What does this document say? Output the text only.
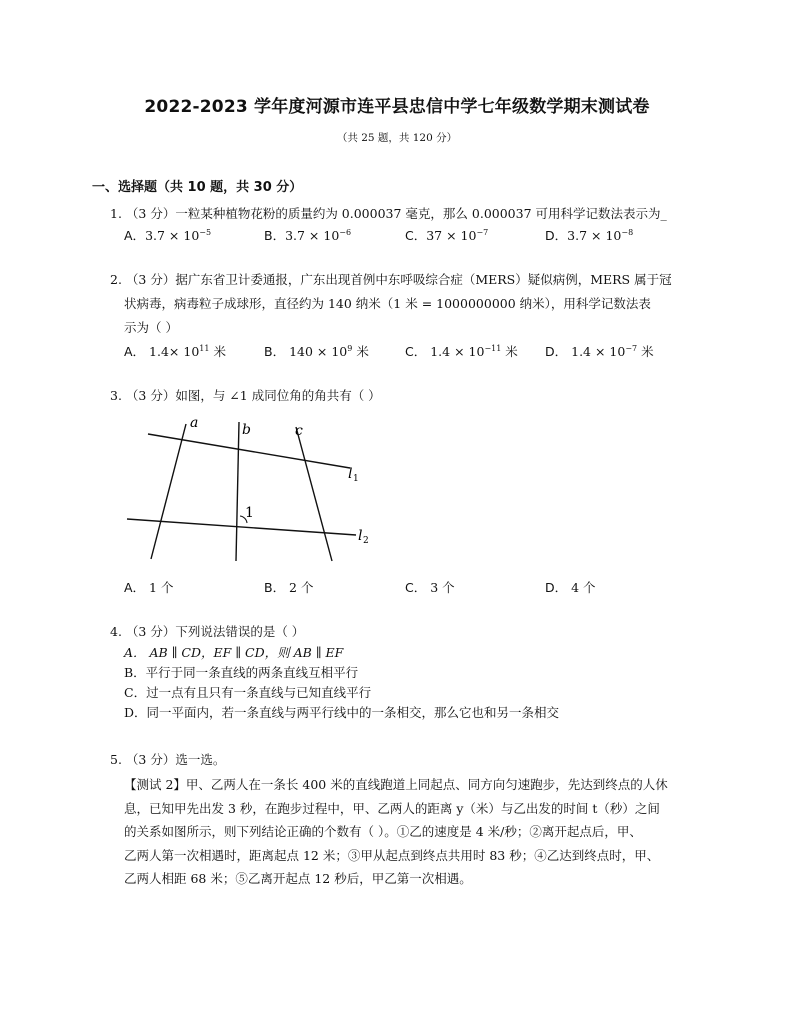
2022-2023 学年度河源市连平县忠信中学七年级数学期末测试卷
（共 25 题，共 120 分）
一、选择题（共 10 题，共 30 分）
1. （3 分）一粒某种植物花粉的质量约为 0.000037 毫克，那么 0.000037 可用科学记数法表示为_
A．$3.7 \times 10^{-5}$	B．$3.7 \times 10^{-6}$	C．$37 \times 10^{-7}$	D．$3.7 \times 10^{-8}$
2. （3 分）据广东省卫计委通报，广东出现首例中东呼吸综合症（MERS）疑似病例，MERS 属于冠
状病毒，病毒粒子成球形，直径约为 140 纳米（1 米 = 1000000000 纳米），用科学记数法表
示为（ ）
A． $1.4\times 10^{11}$ 米	B． $140 \times 10^9$ 米	C． $1.4 \times 10^{-11}$ 米 D． $1.4 \times 10^{-7}$ 米
3. （3 分）如图，与 ∠1 成同位角的角共有（ ）
a	b	c
l 1
l 2
1
A． 1 个	B． 2 个	C． 3 个	D． 4 个
4. （3 分）下列说法错误的是（ ）
A． AB ∥ CD，EF ∥ CD，则 AB ∥ EF
B．平行于同一条直线的两条直线互相平行
C．过一点有且只有一条直线与已知直线平行
D．同一平面内，若一条直线与两平行线中的一条相交，那么它也和另一条相交
5. （3 分）选一选。
【测试 2】甲、乙两人在一条长 400 米的直线跑道上同起点、同方向匀速跑步，先达到终点的人休
息，已知甲先出发 3 秒，在跑步过程中，甲、乙两人的距离 y（米）与乙出发的时间 t（秒）之间
的关系如图所示，则下列结论正确的个数有（ ）。①乙的速度是 4 米/秒；②离开起点后，甲、
乙两人第一次相遇时，距离起点 12 米；③甲从起点到终点共用时 83 秒；④乙达到终点时，甲、
乙两人相距 68 米；⑤乙离开起点 12 秒后，甲乙第一次相遇。
